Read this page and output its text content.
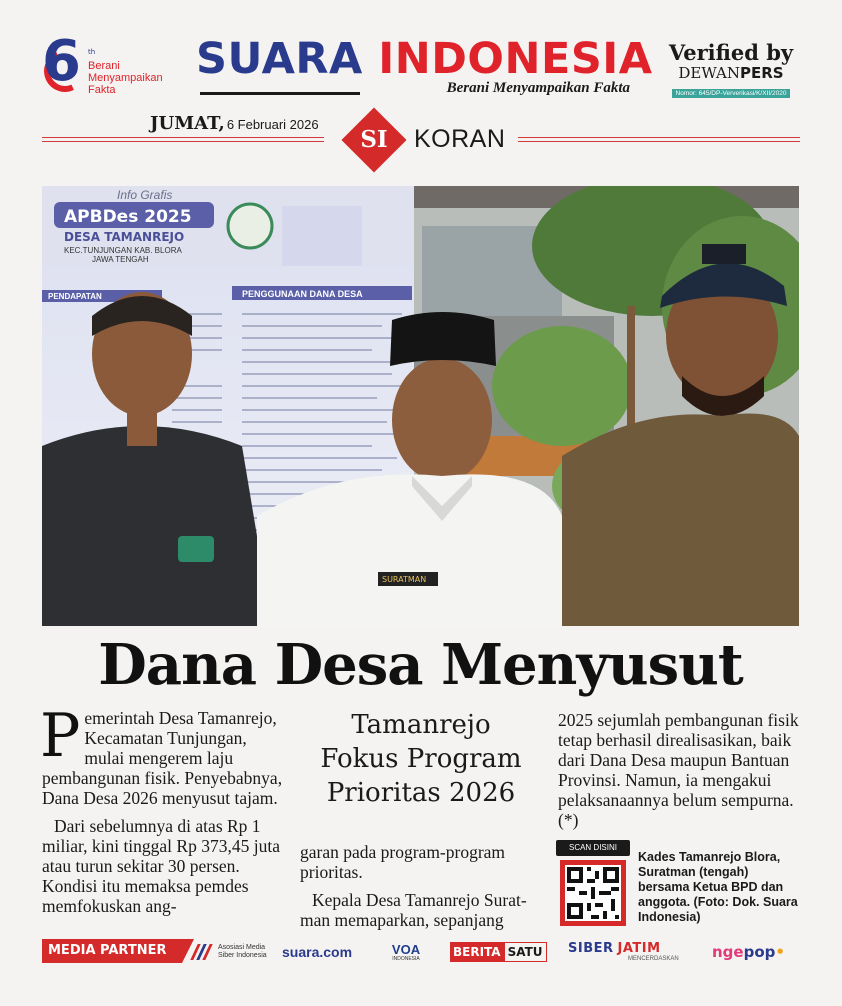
6 th
Berani
Menyampaikan
Fakta
SUARA INDONESIA
Berani Menyampaikan Fakta
Verified by
DEWANPERS
Nomor: 645/DP-Ververikasi/K/XII/2020
JUMAT, 6 Februari 2026
SI	KORAN
Info Grafis
APBDes 2025
DESA TAMANREJO
KEC.TUNJUNGAN KAB. BLORA
JAWA TENGAH
PENGGUNAAN DANA DESA
PENDAPATAN
SURATMAN
Dana Desa Menyusut

Pemerintah Desa Tamanrejo, Kecamatan Tunjungan, mulai mengerem laju pembangunan fisik. Penyebabnya, Dana Desa 2026 menyusut tajam.

Dari sebelumnya di atas Rp 1 miliar, kini tinggal Rp 373,45 juta atau turun sekitar 30 persen. Kondisi itu memaksa pemdes memfokuskan ang-

Tamanrejo
Fokus Program
Prioritas 2026

garan pada program-program prioritas.

Kepala Desa Tamanrejo Suratman memaparkan, sepanjang

2025 sejumlah pembangunan fisik tetap berhasil direalisasikan, baik dari Dana Desa maupun Bantuan Provinsi. Namun, ia mengakui pelaksanaannya belum sempurna. (*)

SCAN DISINI
Kades Tamanrejo Blora, Suratman (tengah) bersama Ketua BPD dan anggota. (Foto: Dok. Suara Indonesia)
MEDIA PARTNER	Asosiasi Media Siber Indonesia suara.com	VOA
INDONESIA	BERITA SATU	SIBER JATIM
MENCERDASKAN nge pop •
